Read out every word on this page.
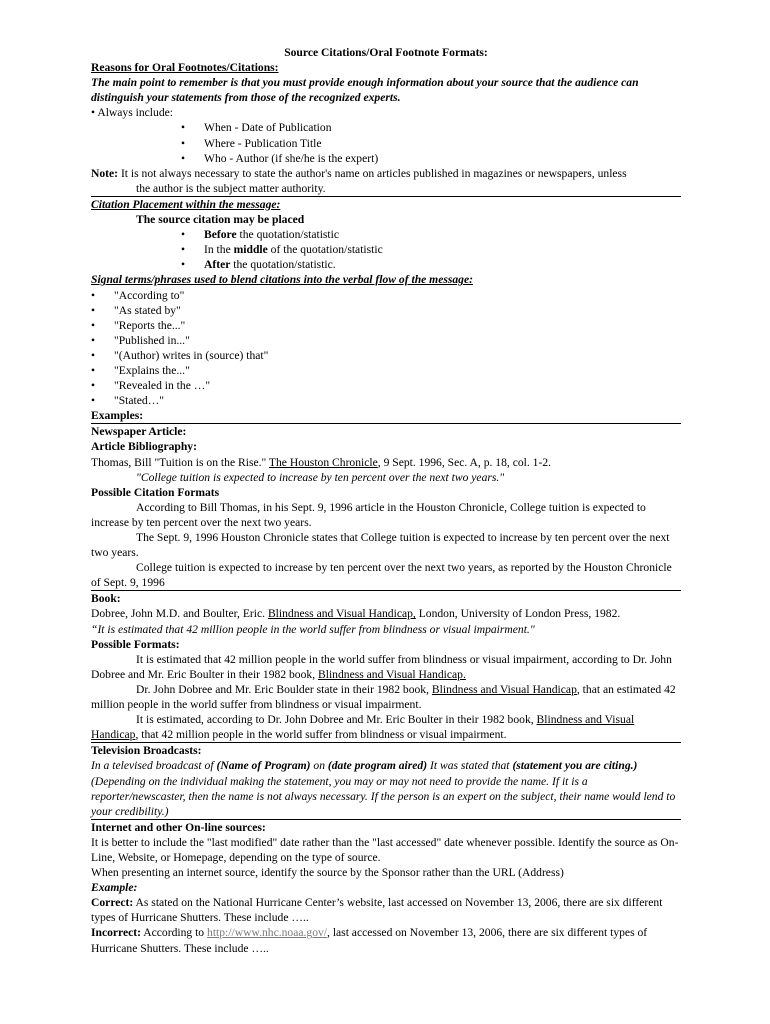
Source Citations/Oral Footnote Formats:
Reasons for Oral Footnotes/Citations:
The main point to remember is that you must provide enough information about your source that the audience can distinguish your statements from those of the recognized experts.
• Always include:
• When - Date of Publication
• Where - Publication Title
• Who - Author (if she/he is the expert)
Note: It is not always necessary to state the author's name on articles published in magazines or newspapers, unless
the author is the subject matter authority.
Citation Placement within the message:
The source citation may be placed
• Before the quotation/statistic
• In the middle of the quotation/statistic
• After the quotation/statistic.
Signal terms/phrases used to blend citations into the verbal flow of the message:
• "According to"
• "As stated by"
• "Reports the..."
• "Published in..."
• "(Author) writes in (source) that"
• "Explains the..."
• "Revealed in the …"
• "Stated…"
Examples:
Newspaper Article:
Article Bibliography:
Thomas, Bill "Tuition is on the Rise." The Houston Chronicle, 9 Sept. 1996, Sec. A, p. 18, col. 1-2.
"College tuition is expected to increase by ten percent over the next two years."
Possible Citation Formats
According to Bill Thomas, in his Sept. 9, 1996 article in the Houston Chronicle, College tuition is expected to increase by ten percent over the next two years.
The Sept. 9, 1996 Houston Chronicle states that College tuition is expected to increase by ten percent over the next two years.
College tuition is expected to increase by ten percent over the next two years, as reported by the Houston Chronicle of Sept. 9, 1996
Book:
Dobree, John M.D. and Boulter, Eric. Blindness and Visual Handicap, London, University of London Press, 1982.
“It is estimated that 42 million people in the world suffer from blindness or visual impairment."
Possible Formats:
It is estimated that 42 million people in the world suffer from blindness or visual impairment, according to Dr. John Dobree and Mr. Eric Boulter in their 1982 book, Blindness and Visual Handicap.
Dr. John Dobree and Mr. Eric Boulder state in their 1982 book, Blindness and Visual Handicap, that an estimated 42 million people in the world suffer from blindness or visual impairment.
It is estimated, according to Dr. John Dobree and Mr. Eric Boulter in their 1982 book, Blindness and Visual Handicap, that 42 million people in the world suffer from blindness or visual impairment.
Television Broadcasts:
In a televised broadcast of (Name of Program) on (date program aired) It was stated that (statement you are citing.)
(Depending on the individual making the statement, you may or may not need to provide the name. If it is a reporter/newscaster, then the name is not always necessary. If the person is an expert on the subject, their name would lend to your credibility.)
Internet and other On-line sources:
It is better to include the "last modified" date rather than the "last accessed" date whenever possible. Identify the source as On-Line, Website, or Homepage, depending on the type of source.
When presenting an internet source, identify the source by the Sponsor rather than the URL (Address)
Example:
Correct: As stated on the National Hurricane Center’s website, last accessed on November 13, 2006, there are six different types of Hurricane Shutters. These include …..
Incorrect: According to http://www.nhc.noaa.gov/, last accessed on November 13, 2006, there are six different types of Hurricane Shutters. These include …..
